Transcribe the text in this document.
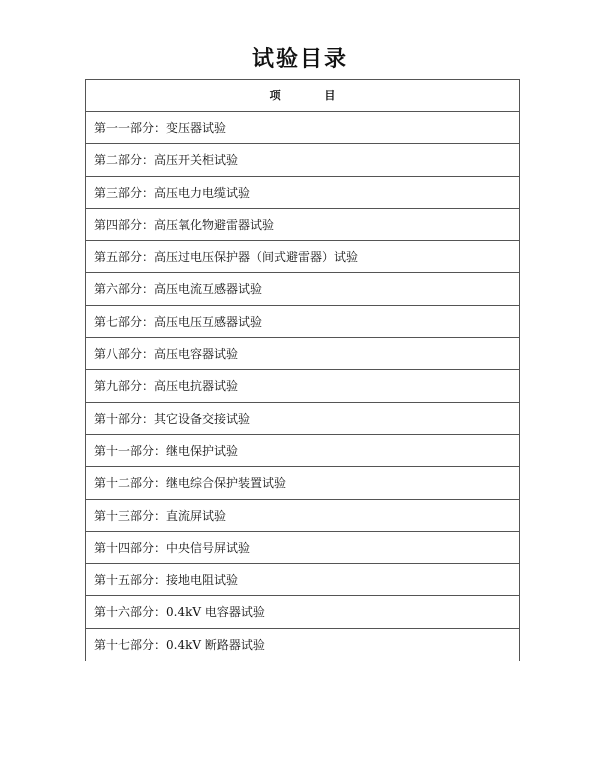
试验目录
项 目
第一一部分：变压器试验
第二部分：高压开关柜试验
第三部分：高压电力电缆试验
第四部分：高压氧化物避雷器试验
第五部分：高压过电压保护器（间式避雷器）试验
第六部分：高压电流互感器试验
第七部分：高压电压互感器试验
第八部分：高压电容器试验
第九部分：高压电抗器试验
第十部分：其它设备交接试验
第十一部分：继电保护试验
第十二部分：继电综合保护装置试验
第十三部分：直流屏试验
第十四部分：中央信号屏试验
第十五部分：接地电阻试验
第十六部分：0.4kV 电容器试验
第十七部分：0.4kV 断路器试验
